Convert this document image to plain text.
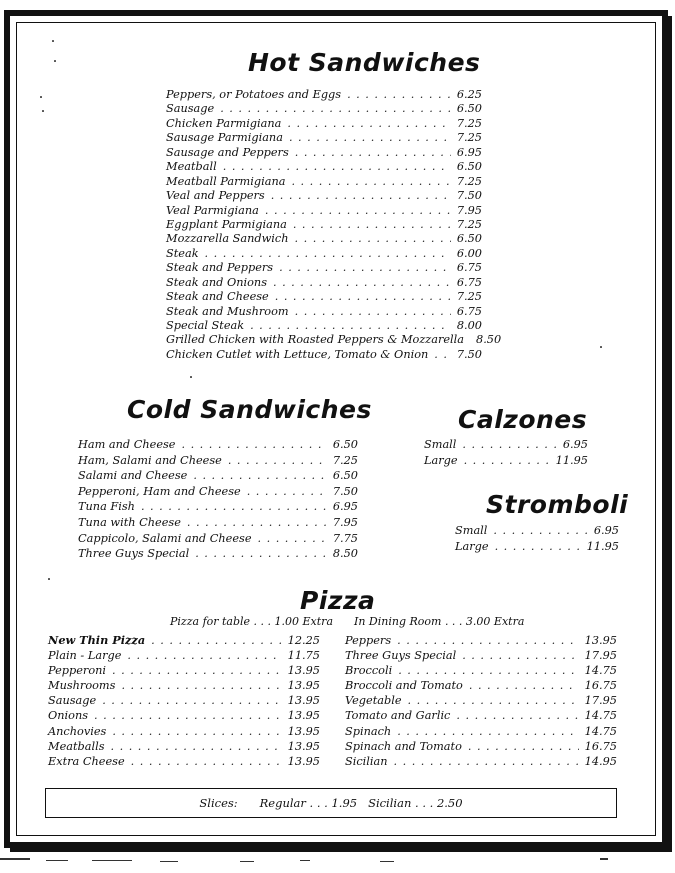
Hot Sandwiches
Peppers, or Potatoes and Eggs .....	6.25
Sausage .....	6.50
Chicken Parmigiana .....	7.25
Sausage Parmigiana .....	7.25
Sausage and Peppers .....	6.95
Meatball .....	6.50
Meatball Parmigiana .....	7.25
Veal and Peppers .....	7.50
Veal Parmigiana .....	7.95
Eggplant Parmigiana .....	7.25
Mozzarella Sandwich .....	6.50
Steak .....	6.00
Steak and Peppers .....	6.75
Steak and Onions .....	6.75
Steak and Cheese .....	7.25
Steak and Mushroom .....	6.75
Special Steak .....	8.00
Grilled Chicken with Roasted Peppers & Mozzarella 8.50
Chicken Cutlet with Lettuce, Tomato & Onion .....	7.50
Cold Sandwiches
Ham and Cheese .....	6.50
Ham, Salami and Cheese .....	7.25
Salami and Cheese .....	6.50
Pepperoni, Ham and Cheese .....	7.50
Tuna Fish .....	6.95
Tuna with Cheese .....	7.95
Cappicolo, Salami and Cheese .....	7.75
Three Guys Special .....	8.50
Calzones
Small .....	6.95
Large .....	11.95
Stromboli
Small .....	6.95
Large .....	11.95
Pizza
Pizza for table . . . 1.00 Extra In Dining Room . . . 3.00 Extra
New Thin Pizza .....	12.25
Plain - Large .....	11.75
Pepperoni .....	13.95
Mushrooms .....	13.95
Sausage .....	13.95
Onions .....	13.95
Anchovies .....	13.95
Meatballs .....	13.95
Extra Cheese .....	13.95
Peppers .....	13.95
Three Guys Special .....	17.95
Broccoli .....	14.75
Broccoli and Tomato .....	16.75
Vegetable .....	17.95
Tomato and Garlic .....	14.75
Spinach .....	14.75
Spinach and Tomato .....	16.75
Sicilian .....	14.95
Slices:
Regular . . . 1.95
Sicilian . . . 2.50
